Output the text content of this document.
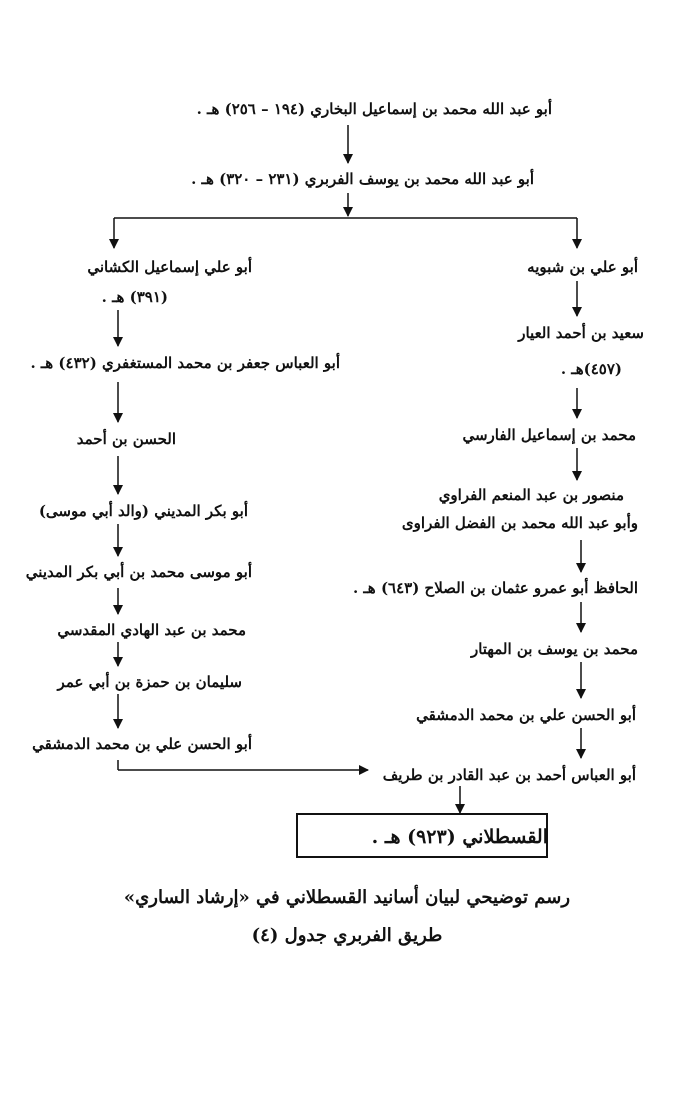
أبو عبد الله محمد بن إسماعيل البخاري (١٩٤ – ٢٥٦) هـ .
أبو عبد الله محمد بن يوسف الفربري (٢٣١ – ٣٢٠) هـ .
أبو علي إسماعيل الكشاني
(٣٩١) هـ .
أبو العباس جعفر بن محمد المستغفري (٤٣٢) هـ .
الحسن بن أحمد
أبو بكر المديني (والد أبي موسى)
أبو موسى محمد بن أبي بكر المديني
محمد بن عبد الهادي المقدسي
سليمان بن حمزة بن أبي عمر
أبو الحسن علي بن محمد الدمشقي
أبو علي بن شبويه
سعيد بن أحمد العيار
(٤٥٧)هـ .
محمد بن إسماعيل الفارسي
منصور بن عبد المنعم الفراوي
وأبو عبد الله محمد بن الفضل الفراوى
الحافظ أبو عمرو عثمان بن الصلاح (٦٤٣) هـ .
محمد بن يوسف بن المهتار
أبو الحسن علي بن محمد الدمشقي
أبو العباس أحمد بن عبد القادر بن طريف
القسطلاني (٩٢٣) هـ .
رسم توضيحي لبيان أسانيد القسطلاني في «إرشاد الساري»
طريق الفربري جدول (٤)
